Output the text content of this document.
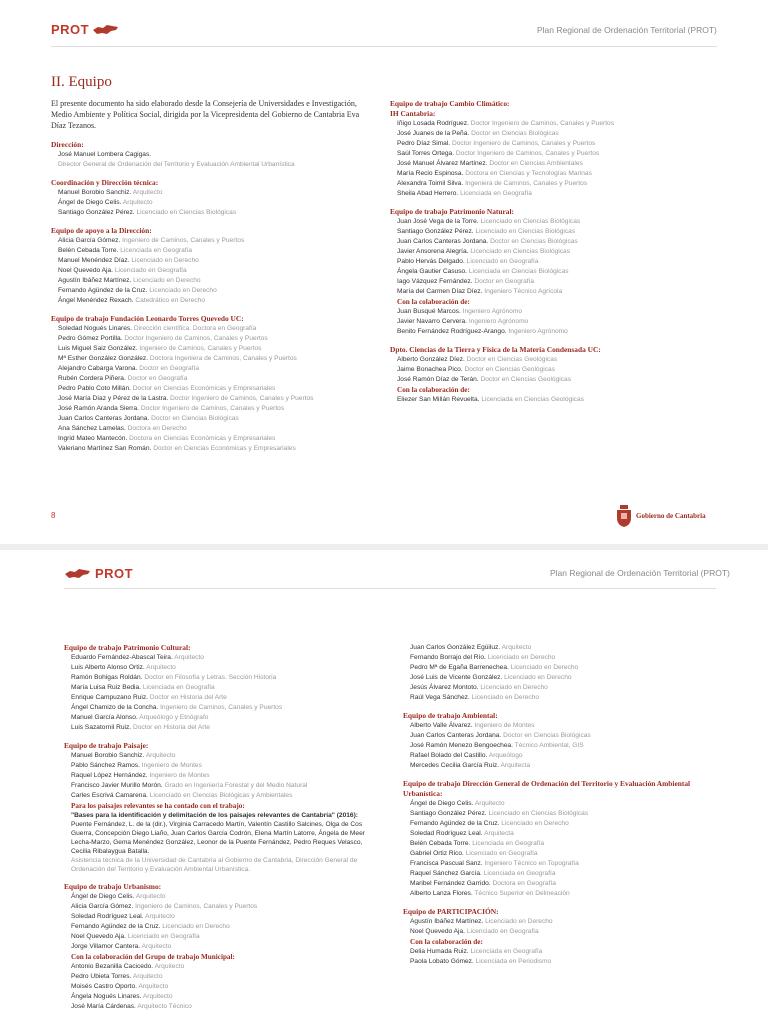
PROT	Plan Regional de Ordenación Territorial (PROT)
II. Equipo
El presente documento ha sido elaborado desde la Consejería de Universidades e Investigación, Medio Ambiente y Política Social, dirigida por la Vicepresidenta del Gobierno de Cantabria Eva Díaz Tezanos.
Dirección:
José Manuel Lombera Cagigas.
Director General de Ordenación del Territorio y Evaluación Ambiental Urbanística
Coordinación y Dirección técnica:
Manuel Borobio Sanchiz. Arquitecto
Ángel de Diego Celis. Arquitecto
Santiago González Pérez. Licenciado en Ciencias Biológicas
Equipo de apoyo a la Dirección:
Alicia García Gómez. Ingeniero de Caminos, Canales y Puertos
Belén Cebada Torre. Licenciada en Geografía
Manuel Menéndez Díaz. Licenciado en Derecho
Noel Quevedo Aja. Licenciado en Geografía
Agustín Ibáñez Martínez. Licenciado en Derecho
Fernando Agündez de la Cruz. Licenciado en Derecho
Ángel Menéndez Rexach. Catedrático en Derecho
Equipo de trabajo Fundación Leonardo Torres Quevedo UC:
Soledad Nogués Linares. Dirección científica. Doctora en Geografía
Pedro Gómez Portilla. Doctor Ingeniero de Caminos, Canales y Puertos
Luis Miguel Saiz González. Ingeniero de Caminos, Canales y Puertos
Mª Esther González González. Doctora Ingeniera de Caminos, Canales y Puertos
Alejandro Cabarga Varona. Doctor en Geografía
Rubén Cordera Piñera. Doctor en Geografía
Pedro Pablo Coto Millán. Doctor en Ciencias Económicas y Empresariales
José María Díaz y Pérez de la Lastra. Doctor Ingeniero de Caminos, Canales y Puertos
José Ramón Aranda Sierra. Doctor Ingeniero de Caminos, Canales y Puertos
Juan Carlos Canteras Jordana. Doctor en Ciencias Biológicas
Ana Sánchez Lamelas. Doctora en Derecho
Ingrid Mateo Mantecón. Doctora en Ciencias Económicas y Empresariales
Valeriano Martínez San Román. Doctor en Ciencias Económicas y Empresariales
Equipo de trabajo Cambio Climático:
IH Cantabria:
Iñigo Losada Rodríguez. Doctor Ingeniero de Caminos, Canales y Puertos
José Juanes de la Peña. Doctor en Ciencias Biológicas
Pedro Díaz Simal. Doctor Ingeniero de Caminos, Canales y Puertos
Saúl Torres Ortega. Doctor Ingeniero de Caminos, Canales y Puertos
José Manuel Álvarez Martínez. Doctor en Ciencias Ambientales
María Recio Espinosa. Doctora en Ciencias y Tecnologías Marinas
Alexandra Toimil Silva. Ingeniera de Caminos, Canales y Puertos
Sheila Abad Herrero. Licenciada en Geografía
Equipo de trabajo Patrimonio Natural:
Juan José Vega de la Torre. Licenciado en Ciencias Biológicas
Santiago González Pérez. Licenciado en Ciencias Biológicas
Juan Carlos Canteras Jordana. Doctor en Ciencias Biológicas
Javier Ansorena Alegría. Licenciado en Ciencias Biológicas
Pablo Hervás Delgado. Licenciado en Geografía
Ángela Gautier Casuso. Licenciada en Ciencias Biológicas
Iago Vázquez Fernández. Doctor en Geografía
María del Carmen Díaz Díez. Ingeniero Técnico Agrícola
Con la colaboración de:
Juan Busqué Marcos. Ingeniero Agrónomo
Javier Navarro Cervera. Ingeniero Agrónomo
Benito Fernández Rodríguez-Arango. Ingeniero Agrónomo
Dpto. Ciencias de la Tierra y Física de la Materia Condensada UC:
Alberto González Díez. Doctor en Ciencias Geológicas
Jaime Bonachea Pico. Doctor en Ciencias Geológicas
José Ramón Díaz de Terán. Doctor en Ciencias Geológicas
Con la colaboración de:
Eliezer San Millán Revuelta. Licenciada en Ciencias Geológicas
8	Gobierno de Cantabria
PROT	Plan Regional de Ordenación Territorial (PROT)
Equipo de trabajo Patrimonio Cultural:
Eduardo Fernández-Abascal Teira. Arquitecto
Luis Alberto Alonso Ortiz. Arquitecto
Ramón Bohigas Roldán. Doctor en Filosofía y Letras. Sección Historia
María Luisa Ruiz Bedia. Licenciada en Geografía
Enrique Campuzano Ruiz. Doctor en Historia del Arte
Ángel Chamizo de la Concha. Ingeniero de Caminos, Canales y Puertos
Manuel García Alonso. Arqueólogo y Etnógrafo
Luis Sazatornil Ruiz. Doctor en Historia del Arte
Equipo de trabajo Paisaje:
Manuel Borobio Sanchiz. Arquitecto
Pablo Sánchez Ramos. Ingeniero de Montes
Raquel López Hernández. Ingeniero de Montes
Francisco Javier Murillo Morón. Grado en Ingeniería Forestal y del Medio Natural
Carles Escrivá Camarena. Licenciado en Ciencias Biológicas y Ambientales
Para los paisajes relevantes se ha contado con el trabajo:
"Bases para la identificación y delimitación de los paisajes relevantes de Cantabria" (2016):
Puente Fernández, L. de la (dir.), Virginia Carracedo Martín, Valentín Castillo Salcines, Olga de Cos Guerra, Concepción Diego Liaño, Juan Carlos García Codrón, Elena Martín Latorre, Ángela de Meer Lecha-Marzo, Gema Menéndez González, Leonor de la Puente Fernández, Pedro Reques Velasco, Cecilia Ribalaygua Batalla.
Asistencia técnica de la Universidad de Cantabria al Gobierno de Cantabria, Dirección General de Ordenación del Territorio y Evaluación Ambiental Urbanística.
Equipo de trabajo Urbanismo:
Ángel de Diego Celis. Arquitecto
Alicia García Gómez. Ingeniero de Caminos, Canales y Puertos
Soledad Rodríguez Leal. Arquitecto
Fernando Agündez de la Cruz. Licenciado en Derecho
Noel Quevedo Aja. Licenciado en Geografía
Jorge Villamor Cantera. Arquitecto
Con la colaboración del Grupo de trabajo Municipal:
Antonio Bezanilla Cacicedo. Arquitecto
Pedro Ubieta Torres. Arquitecto
Moisés Castro Oporto. Arquitecto
Ángela Nogués Linares. Arquitecto
José María Cárdenas. Arquitecto Técnico
Juan Carlos González Egúiluz. Arquitecto
Fernando Borrajo del Río. Licenciado en Derecho
Pedro Mª de Egaña Barrenechea. Licenciado en Derecho
José Luis de Vicente González. Licenciado en Derecho
Jesús Álvarez Montoto. Licenciado en Derecho
Raúl Vega Sánchez. Licenciado en Derecho
Equipo de trabajo Ambiental:
Alberto Valle Álvarez. Ingeniero de Montes
Juan Carlos Canteras Jordana. Doctor en Ciencias Biológicas
José Ramón Menezo Bengoechea. Técnico Ambiental, GIS
Rafael Bolado del Castillo. Arqueólogo
Mercedes Cecilia García Ruiz. Arquitecta
Equipo de trabajo Dirección General de Ordenación del Territorio y Evaluación Ambiental Urbanística:
Ángel de Diego Celis. Arquitecto
Santiago González Pérez. Licenciado en Ciencias Biológicas
Fernando Agündez de la Cruz. Licenciado en Derecho
Soledad Rodríguez Leal. Arquitecta
Belén Cebada Torre. Licenciada en Geografía
Gabriel Ortiz Rico. Licenciado en Geografía
Francisca Pascual Sanz. Ingeniero Técnico en Topografía
Raquel Sánchez García. Licenciada en Geografía
Maribel Fernández Garrido. Doctora en Geografía
Alberto Lanza Flores. Técnico Superior en Delineación
Equipo de PARTICIPACIÓN:
Agustín Ibáñez Martínez. Licenciado en Derecho
Noel Quevedo Aja. Licenciado en Geografía
Con la colaboración de:
Delia Humada Ruiz. Licenciada en Geografía
Paola Lobato Gómez. Licenciada en Periodismo
